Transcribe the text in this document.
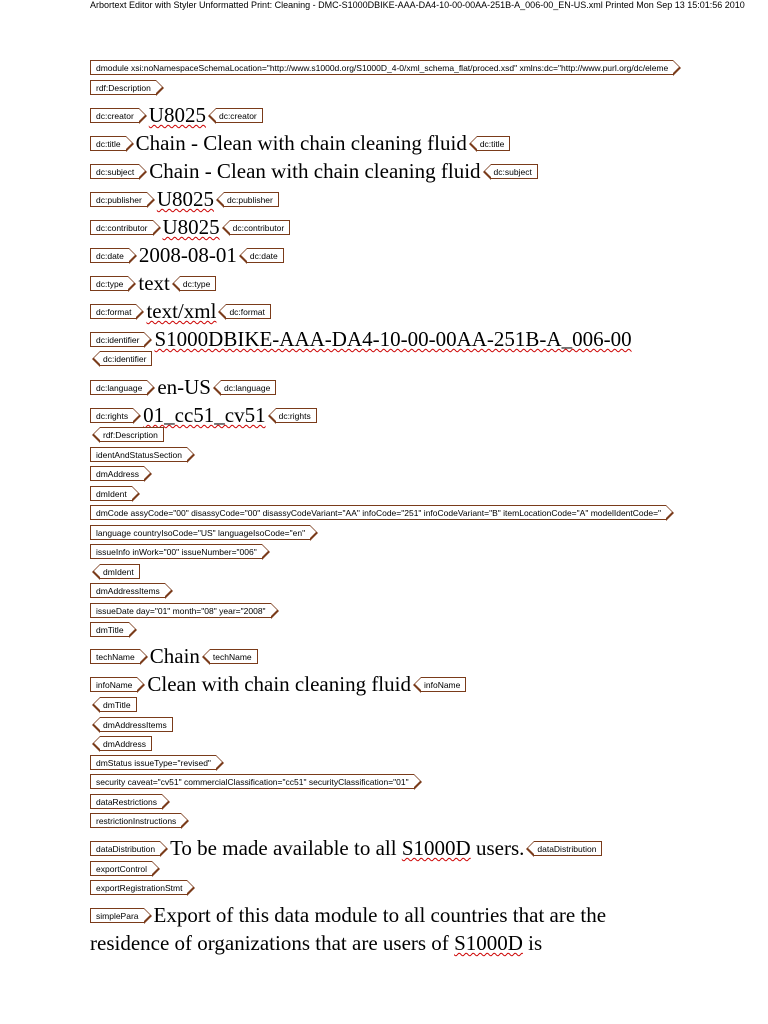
Arbortext Editor with Styler Unformatted Print: Cleaning - DMC-S1000DBIKE-AAA-DA4-10-00-00AA-251B-A_006-00_EN-US.xml Printed Mon Sep 13 15:01:56 2010
dmodule xsi:noNamespaceSchemaLocation="http://www.s1000d.org/S1000D_4-0/xml_schema_flat/proced.xsd" xmlns:dc="http://www.purl.org/dc/eleme
rdf:Description
dc:creator U8025	dc:creator
dc:title Chain - Clean with chain cleaning fluid	dc:title
dc:subject Chain - Clean with chain cleaning fluid	dc:subject
dc:publisher U8025	dc:publisher
dc:contributor U8025	dc:contributor
dc:date 2008-08-01	dc:date
dc:type text	dc:type
dc:format text/xml	dc:format
dc:identifier S1000DBIKE-AAA-DA4-10-00-00AA-251B-A_006-00
dc:identifier
dc:language en-US	dc:language
dc:rights 01_cc51_cv51	dc:rights
rdf:Description
identAndStatusSection
dmAddress
dmIdent
dmCode assyCode="00" disassyCode="00" disassyCodeVariant="AA" infoCode="251" infoCodeVariant="B" itemLocationCode="A" modelIdentCode="
language countryIsoCode="US" languageIsoCode="en"
issueInfo inWork="00" issueNumber="006"
dmIdent
dmAddressItems
issueDate day="01" month="08" year="2008"
dmTitle
techName Chain	techName
infoName Clean with chain cleaning fluid	infoName
dmTitle
dmAddressItems
dmAddress
dmStatus issueType="revised"
security caveat="cv51" commercialClassification="cc51" securityClassification="01"
dataRestrictions
restrictionInstructions
dataDistribution To be made available to all S1000D users.	dataDistribution
exportControl
exportRegistrationStmt
simplePara Export of this data module to all countries that are the residence of organizations that are users of S1000D is
